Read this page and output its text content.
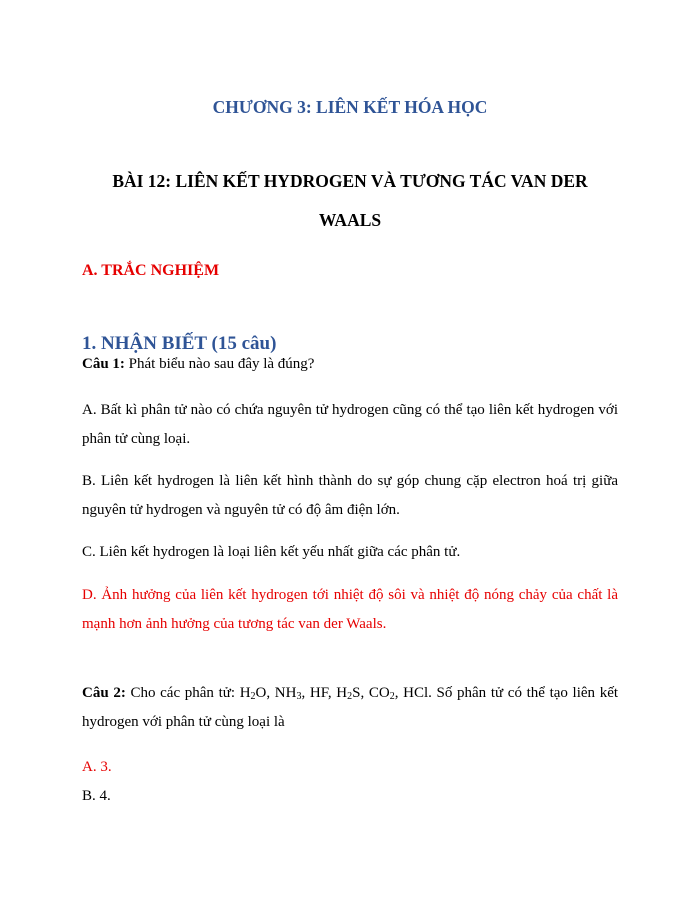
CHƯƠNG 3: LIÊN KẾT HÓA HỌC
BÀI 12: LIÊN KẾT HYDROGEN VÀ TƯƠNG TÁC VAN DER WAALS
A. TRẮC NGHIỆM
1. NHẬN BIẾT (15 câu)
Câu 1: Phát biểu nào sau đây là đúng?
A. Bất kì phân tử nào có chứa nguyên tử hydrogen cũng có thể tạo liên kết hydrogen với phân tử cùng loại.
B. Liên kết hydrogen là liên kết hình thành do sự góp chung cặp electron hoá trị giữa nguyên tử hydrogen và nguyên tử có độ âm điện lớn.
C. Liên kết hydrogen là loại liên kết yếu nhất giữa các phân tử.
D. Ảnh hưởng của liên kết hydrogen tới nhiệt độ sôi và nhiệt độ nóng chảy của chất là mạnh hơn ảnh hưởng của tương tác van der Waals.
Câu 2: Cho các phân tử: $H_2O$, $NH_3$, HF, $H_2S$, $CO_2$, HCl. Số phân tử có thể tạo liên kết hydrogen với phân tử cùng loại là
A. 3.
B. 4.
